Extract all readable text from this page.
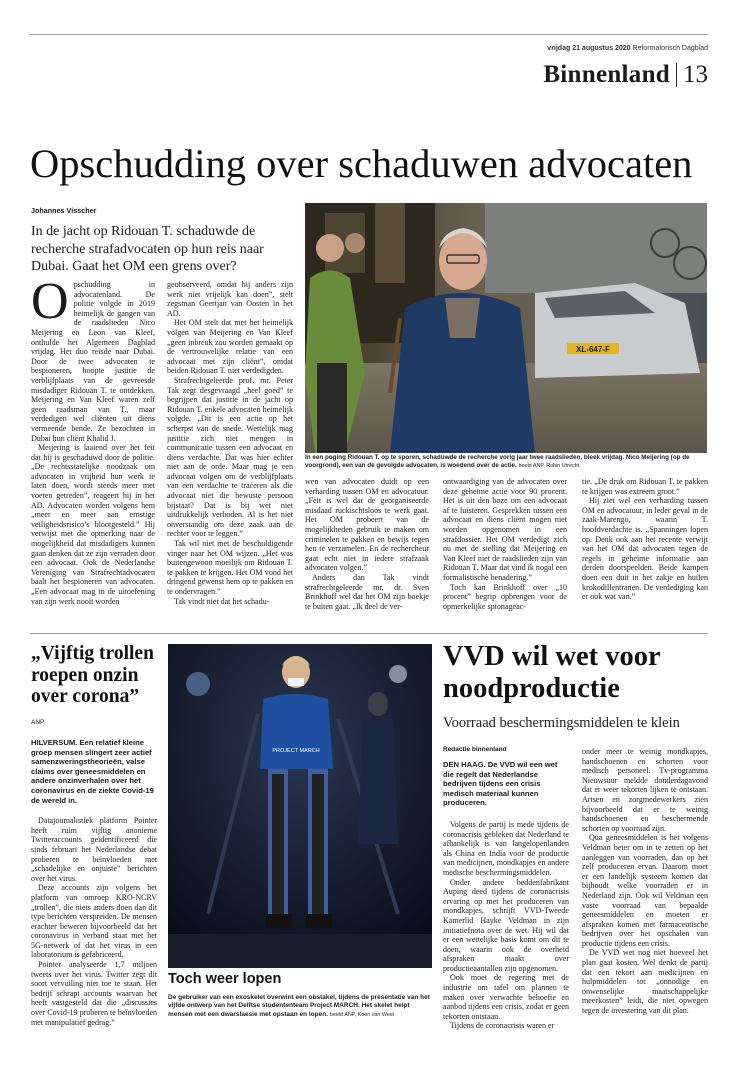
vrijdag 21 augustus 2020 Reformatorisch Dagblad
Binnenland 13
Opschudding over schaduwen advocaten
Johannes Visscher
In de jacht op Ridouan T. schaduwde de recherche strafadvocaten op hun reis naar Dubai. Gaat het OM een grens over?
XL-647-F
In een poging Ridouan T. op te sporen, schaduwde de recherche vorig jaar twee raadslieden, bleek vrijdag. Nico Meijering (op de voorgrond), een van de gevolgde advocaten, is woedend over de actie. beeld ANP, Robin Utrecht
O pschudding in advocatenland. De politie volgde in 2019 heimelijk de gangen van de raadslieden Nico Meijering en Leon van Kleef, onthulde het Algemeen Dagblad vrijdag. Het duo reisde naar Dubai. Door de twee advocaten te bespioneren, hoopte justitie de verblijfplaats van de gevreesde misdadiger Ridouan T. te ontdekken. Meijering en Van Kleef waren zelf geen raadsman van T., maar verdedigen wel cliënten uit diens vermeende bende. Ze bezochten in Dubai hun cliënt Khalid J.

Meijering is laaiend over het feit dat hij is geschaduwd door de politie. „De rechtsstatelijke noodzaak om advocaten in vrijheid hun werk te laten doen, wordt steeds meer met voeten getreden”, reageert hij in het AD. Advocaten worden volgens hem „meer en meer aan ernstige veiligheidsrisico’s blootgesteld.” Hij verwijst met die opmerking naar de mogelijkheid dat misdadigers kunnen gaan denken dat ze zijn verraden door een advocaat. Ook de Nederlandse Vereniging van Strafrechtadvocaten baalt het bespioneren van advocaten. „Een advocaat mag in de uitoefening van zijn werk nooit worden

geobserveerd, omdat hij anders zijn werk niet vrijelijk kan doen”, stelt zegsman Geertjan van Oosten in het AD.

Het OM stelt dat met het heimelijk volgen van Meijering en Van Kleef „geen inbreuk zou worden gemaakt op de vertrouwelijke relatie van een advocaat met zijn cliënt”, omdat beiden Ridouan T. niet verdedigden.

Strafrechtgeleerde prof. mr. Peter Tak zegt desgevraagd „heel goed” te begrijpen dat justitie in de jacht op Ridouan T. enkele advocaten heimelijk volgde. „Dit is een actie op het scherpst van de snede. Wettelijk mag justitie zich niet mengen in communicatie tussen een advocaat en diens verdachte. Dat was hier echter niet aan de orde. Maar mag je een advocaat volgen om de verblijfplaats van een verdachte te traceren als die advocaat niet die bewuste persoon bijstaat? Dat is bij wet niet uitdrukkelijk verboden. Al is het niet onverstandig om deze zaak aan de rechter voor te leggen.”

Tak wil niet met de beschuldigende vinger naar het OM wijzen. „Het was buitengewoon moeilijk om Ridouan T. te pakken te krijgen. Het OM vond het dringend gewenst hem op te pakken en te ondervragen.”

Tak vindt niet dat het schadu-

wen van advocaten duidt op een verharding tussen OM en advocatuur. „Feit is wel dat de georganiseerde misdaad ruckischtsloos te werk gaat. Het OM probeert van de mogelijkheden gebruik te maken om criminelen te pakken en bewijs tegen hen te verzamelen. En de rechercheur gaat echt niet in iedere strafzaak advocaten volgen.”

Anders dan Tak vindt strafrechtgeleerde mr. dr. Sven Brinkhoff wel dat het OM zijn boekje te buiten gaat. „Ik deel de ver-

ontwaardiging van de advocaten over deze geheime actie voor 90 procent. Het is uit den boze om een advocaat af te luisteren. Gesprekken tussen een advocaat en diens cliënt mogen niet worden opgenomen in een strafdossier. Het OM verdedigt zich nu met de stelling dat Meijering en Van Kleef niet de raadslieden zijn van Ridouan T. Maar dat vind ik nogal een formalistische benadering.”

Toch kan Brinkhoff over „10 procent” begrip opbrengen voor de opmerkelijke spionageac-

tie. „De druk om Ridouan T. te pakken te krijgen was extreem groot.”

Hij ziet wel een verharding tussen OM en advocatuur, in leder geval in de zaak-Marengo, waarin T. hoofdverdachte is. „Spanningen lopen op. Denk ook aan het recente verwijt van het OM dat advocaten tegen de regels in geheime informatie aan derden doorspeelden. Beide kampen doen een duit in het zakje en huilen krokodillentranen. De verdediging kan er ook wat van.”

„Vijftig trollen roepen onzin over corona”
ANP

HILVERSUM. Een relatief kleine groep mensen slingert zeer actief samenzweringstheorieën, valse claims over geneesmiddelen en andere onzinverhalen over het coronavirus en de ziekte Covid-19 de wereld in.

Datajournalistiek platform Pointer heeft ruim vijftig anonieme Twitteraccounts geïdentificeerd die sinds februari het Nederlandse debat proberen te beïnvloeden met „schadelijke en onjuiste” berichten over het virus.

Deze accounts zijn volgens het platform van omroep KRO-NCRV „trollen”, die niets anders doen dan dit type berichten verspreiden. De mensen erachter beweren bijvoorbeeld dat het coronavirus in verband staat met het 5G-netwerk of dat het virus in een laboratorium is gefabriceerd.

Pointer analyseerde 1,7 miljoen tweets over het virus. Twitter zegt dit soort vervuiling niet toe te staan. Het bedrijf schrapt accounts waarvan het heeft vastgesteld dat die „discussies over Covid-19 proberen te beïnvloeden met manipulatief gedrag.”

PROJECT MARCH
Toch weer lopen
De gebruiker van een exoskelet overwint een obstakel, tijdens de presentatie van het vijfde ontwerp van het Delftse studententeam Project MARCH. Het skelet helpt mensen met een dwarslaesie met opstaan en lopen. beeld ANP, Koen van Weel
VVD wil wet voor noodproductie
Voorraad beschermingsmiddelen te klein
Redactie binnenland

DEN HAAG. De VVD wil een wet die regelt dat Nederlandse bedrijven tijdens een crisis medisch materiaal kunnen produceren.

Volgens de partij is mede tijdens de coronacrisis gebleken dat Nederland te afhankelijk is van langelopenlanden als China en India voor de productie van medicijnen, mondkapjes en andere medische beschermingsmiddelen.

Onder andere beddenfabrikant Auping deed tijdens de coronacrisis ervaring op met het produceren van mondkapjes, schrijft VVD-Tweede Kamerlid Hayke Veldman in zijn initiatiefnota over de wet. Hij wil dat er een wettelijke basis komt om dit te doen, waarin ook de overheid afspraken maakt over productieaantallen zijn opgenomen.

Ook moet de regering met de industrie om tafel om plannen te maken over verwachte behoefte en aanbod tijdens een crisis, zodat er geen tekorten ontstaan.

Tijdens de coronacrisis waren er

onder meer te weinig mondkapjes, handschoenen en schorten voor medisch personeel. Tv-programma Nieuwsuur meldde donderdagavond dat er weer tekorten lijken te ontstaan. Artsen en zorgmedewerkers zien bijvoorbeeld dat er te weinig handschoenen en beschermende schorten op voorraad zijn.

Qua geneesmiddelen is het volgens Veldman beter om in te zetten op het aanleggen van voorraden, dan op het zelf produceren ervan. Daarom moet er een landelijk systeem komen dat bijhoudt welke voorraden er in Nederland zijn. Ook wil Veldman een vaste voorraad van bepaalde geneesmiddelen en moeten er afspraken komen met farmaceutische bedrijven over het opschalen van productie tijdens een crisis.

De VVD wet nog niet hoeveel het plan gaat kosten. Wel denkt de partij dat een tekort aan medicijnen en hulpmiddelen tot „onnodige en onwenselijke maatschappelijke meerkosten” leidt, die niet opwegen tegen de investering van dit plan.
